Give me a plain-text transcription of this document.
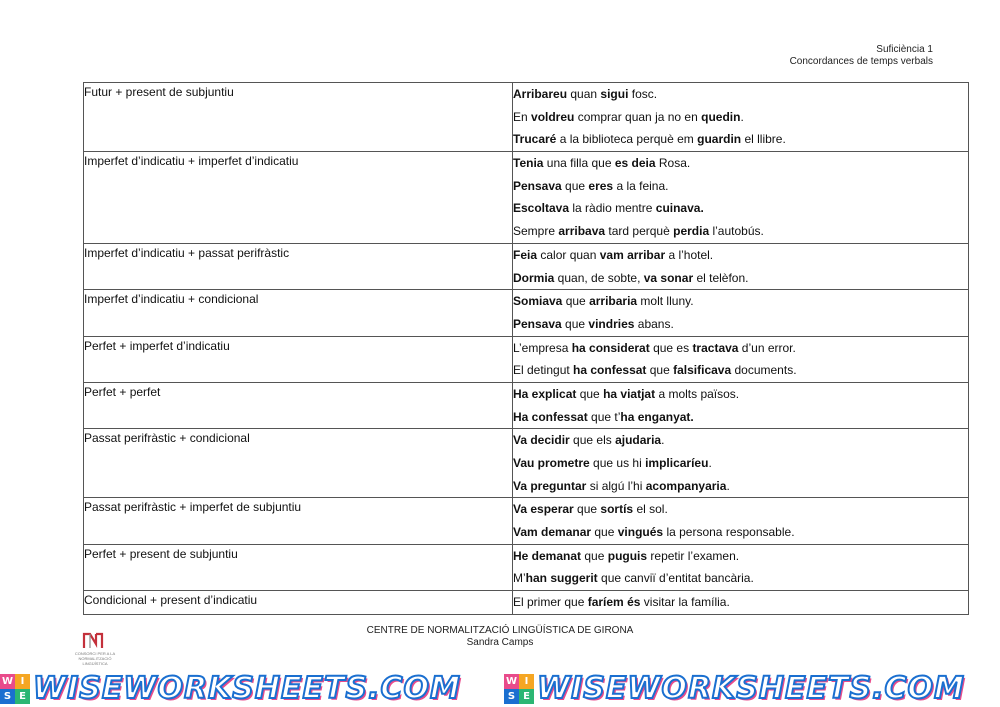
Suficiència 1
Concordances de temps verbals
Futur + present de subjuntiu	Arribareu quan sigui fosc.
En voldreu comprar quan ja no en quedin.
Trucaré a la biblioteca perquè em guardin el llibre.

Imperfet d’indicatiu + imperfet d’indicatiu	Tenia una filla que es deia Rosa.
Pensava que eres a la feina.
Escoltava la ràdio mentre cuinava.
Sempre arribava tard perquè perdia l’autobús.

Imperfet d’indicatiu + passat perifràstic	Feia calor quan vam arribar a l’hotel.
Dormia quan, de sobte, va sonar el telèfon.

Imperfet d’indicatiu + condicional	Somiava que arribaria molt lluny.
Pensava que vindries abans.

Perfet + imperfet d’indicatiu	L’empresa ha considerat que es tractava d’un error.
El detingut ha confessat que falsificava documents.

Perfet + perfet	Ha explicat que ha viatjat a molts països.
Ha confessat que t’ha enganyat.

Passat perifràstic + condicional	Va decidir que els ajudaria.
Vau prometre que us hi implicaríeu.
Va preguntar si algú l’hi acompanyaria.

Passat perifràstic + imperfet de subjuntiu	Va esperar que sortís el sol.
Vam demanar que vingués la persona responsable.

Perfet + present de subjuntiu	He demanat que puguis repetir l’examen.
M’han suggerit que canviï d’entitat bancària.

Condicional + present d’indicatiu	El primer que faríem és visitar la família.
CONSORCI PER A LA NORMALITZACIÓ LINGÜÍSTICA
CENTRE DE NORMALITZACIÓ LINGÜÍSTICA DE GIRONA
Sandra Camps
W I
S E WISEWORKSHEETS.COM	W I
S E WISEWORKSHEETS.COM
